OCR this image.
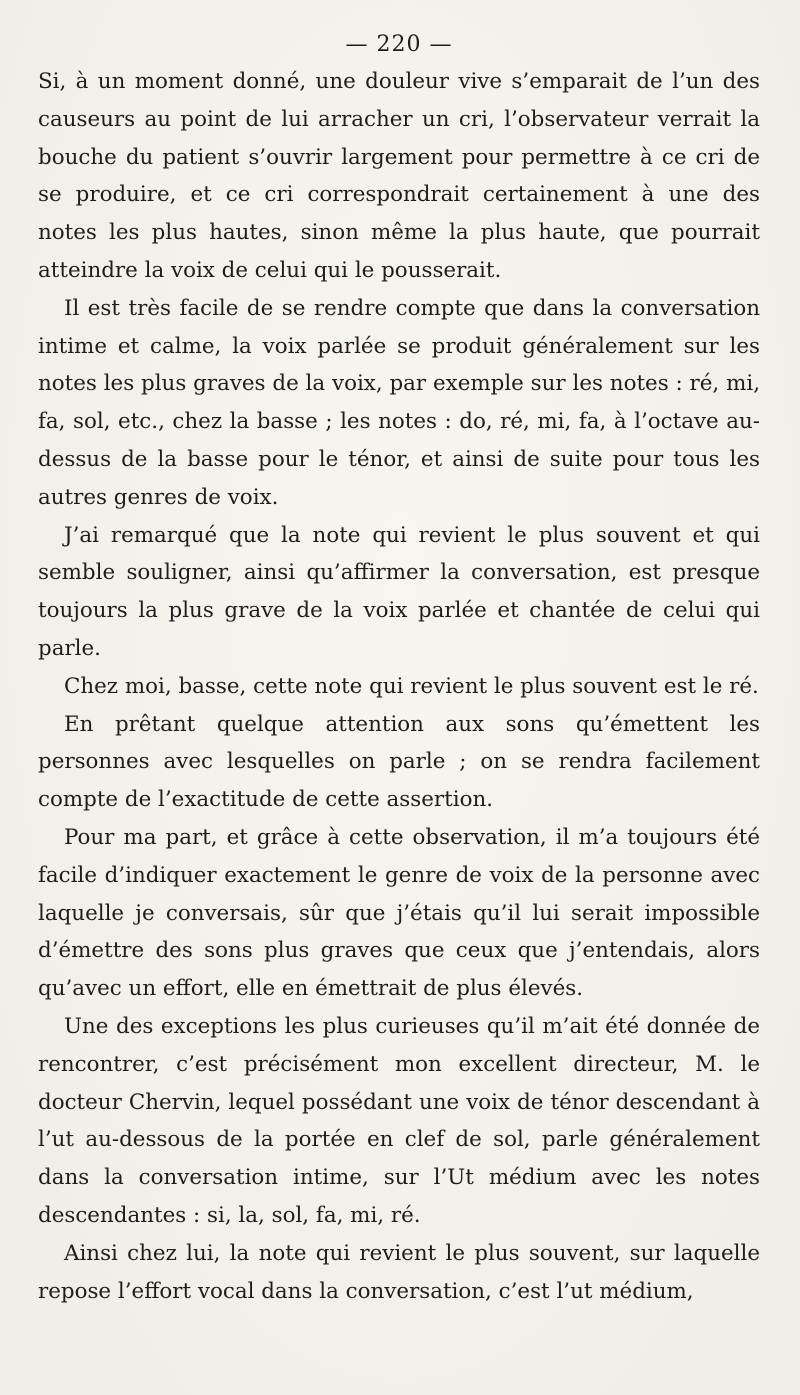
— 220 —

Si, à un moment donné, une douleur vive s’emparait de l’un des causeurs au point de lui arracher un cri, l’observateur verrait la bouche du patient s’ouvrir largement pour permettre à ce cri de se produire, et ce cri correspondrait certainement à une des notes les plus hautes, sinon même la plus haute, que pourrait atteindre la voix de celui qui le pousserait.

Il est très facile de se rendre compte que dans la conversation intime et calme, la voix parlée se produit généralement sur les notes les plus graves de la voix, par exemple sur les notes : ré, mi, fa, sol, etc., chez la basse ; les notes : do, ré, mi, fa, à l’octave au-dessus de la basse pour le ténor, et ainsi de suite pour tous les autres genres de voix.

J’ai remarqué que la note qui revient le plus souvent et qui semble souligner, ainsi qu’affirmer la conversation, est presque toujours la plus grave de la voix parlée et chantée de celui qui parle.

Chez moi, basse, cette note qui revient le plus souvent est le ré.

En prêtant quelque attention aux sons qu’émettent les personnes avec lesquelles on parle ; on se rendra facilement compte de l’exactitude de cette assertion.

Pour ma part, et grâce à cette observation, il m’a toujours été facile d’indiquer exactement le genre de voix de la personne avec laquelle je conversais, sûr que j’étais qu’il lui serait impossible d’émettre des sons plus graves que ceux que j’entendais, alors qu’avec un effort, elle en émettrait de plus élevés.

Une des exceptions les plus curieuses qu’il m’ait été donnée de rencontrer, c’est précisément mon excellent directeur, M. le docteur Chervin, lequel possédant une voix de ténor descendant à l’ut au-dessous de la portée en clef de sol, parle généralement dans la conversation intime, sur l’Ut médium avec les notes descendantes : si, la, sol, fa, mi, ré.

Ainsi chez lui, la note qui revient le plus souvent, sur laquelle repose l’effort vocal dans la conversation, c’est l’ut médium,
